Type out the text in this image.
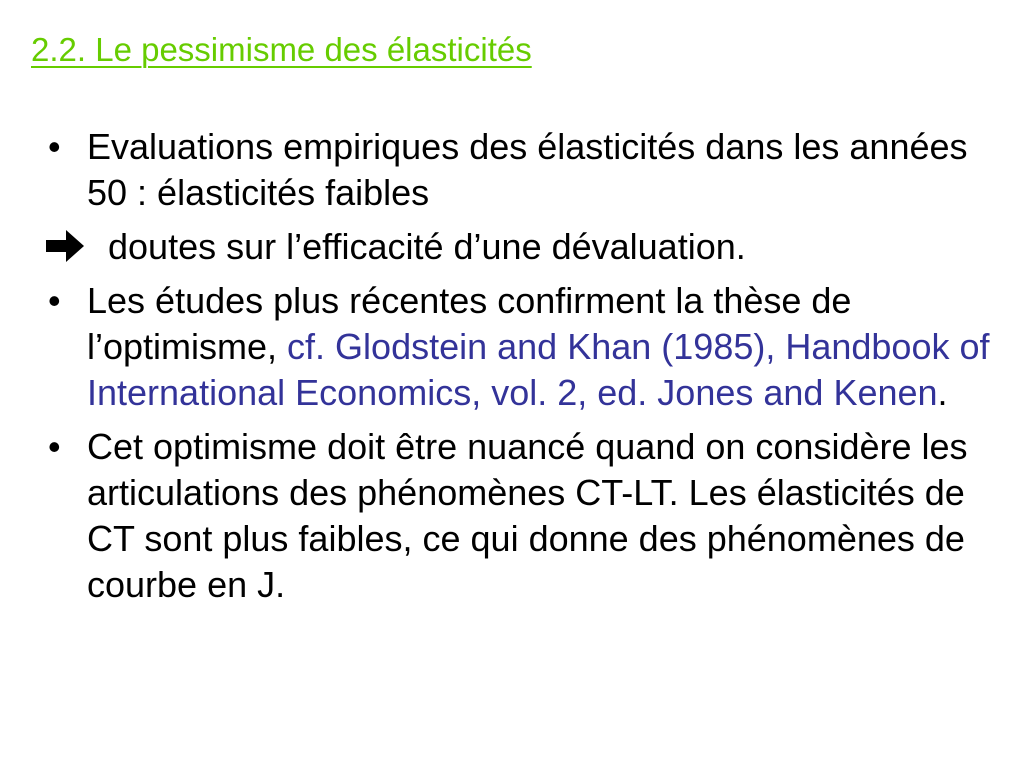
2.2. Le pessimisme des élasticités
• Evaluations empiriques des élasticités dans les années 50 : élasticités faibles
doutes sur l’efficacité d’une dévaluation.
• Les études plus récentes confirment la thèse de l’optimisme, cf. Glodstein and Khan (1985), Handbook of International Economics, vol. 2, ed. Jones and Kenen.
• Cet optimisme doit être nuancé quand on considère les articulations des phénomènes CT-LT. Les élasticités de CT sont plus faibles, ce qui donne des phénomènes de courbe en J.
